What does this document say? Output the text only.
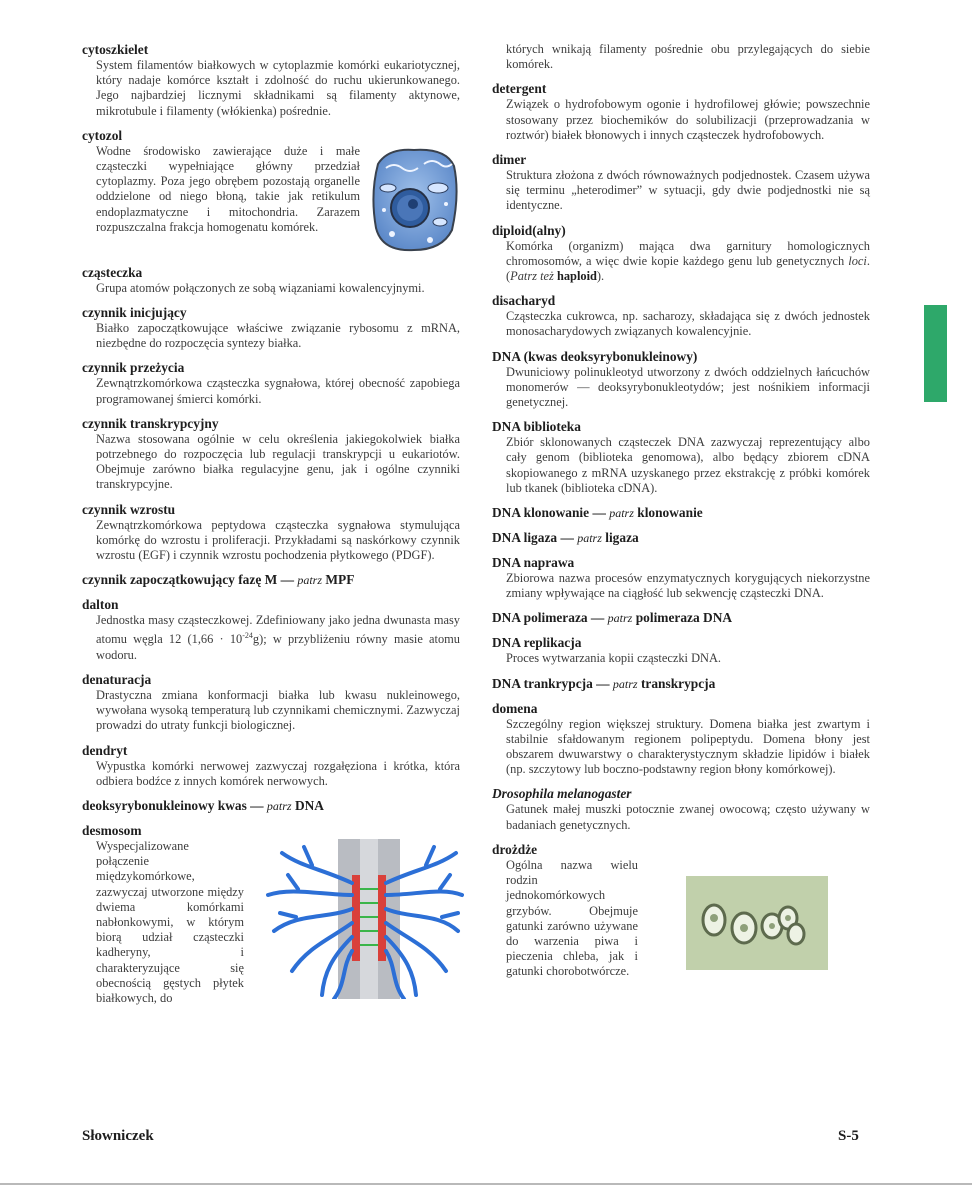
cytoszkielet
System filamentów białkowych w cytoplazmie komórki eukariotycznej, który nadaje komórce kształt i zdolność do ruchu ukierunkowanego. Jego najbardziej licznymi składnikami są filamenty aktynowe, mikrotubule i filamenty (włókienka) pośrednie.
cytozol
Wodne środowisko zawierające duże i małe cząsteczki wypełniające główny przedział cytoplazmy. Poza jego obrębem pozostają organelle oddzielone od niego błoną, takie jak retikulum endoplazmatyczne i mitochondria. Zarazem rozpuszczalna frakcja homogenatu komórek.
cząsteczka
Grupa atomów połączonych ze sobą wiązaniami kowalencyjnymi.
czynnik inicjujący
Białko zapoczątkowujące właściwe związanie rybosomu z mRNA, niezbędne do rozpoczęcia syntezy białka.
czynnik przeżycia
Zewnątrzkomórkowa cząsteczka sygnałowa, której obecność zapobiega programowanej śmierci komórki.
czynnik transkrypcyjny
Nazwa stosowana ogólnie w celu określenia jakiegokolwiek białka potrzebnego do rozpoczęcia lub regulacji transkrypcji u eukariotów. Obejmuje zarówno białka regulacyjne genu, jak i ogólne czynniki transkrypcyjne.
czynnik wzrostu
Zewnątrzkomórkowa peptydowa cząsteczka sygnałowa stymulująca komórkę do wzrostu i proliferacji. Przykładami są naskórkowy czynnik wzrostu (EGF) i czynnik wzrostu pochodzenia płytkowego (PDGF).
czynnik zapoczątkowujący fazę M — patrz MPF
dalton
Jednostka masy cząsteczkowej. Zdefiniowany jako jedna dwunasta masy atomu węgla 12 $(1,66 \cdot 10^{-24}g)$; w przybliżeniu równy masie atomu wodoru.
denaturacja
Drastyczna zmiana konformacji białka lub kwasu nukleinowego, wywołana wysoką temperaturą lub czynnikami chemicznymi. Zazwyczaj prowadzi do utraty funkcji biologicznej.
dendryt
Wypustka komórki nerwowej zazwyczaj rozgałęziona i krótka, która odbiera bodźce z innych komórek nerwowych.
deoksyrybonukleinowy kwas — patrz DNA
desmosom
Wyspecjalizowane połączenie międzykomórkowe, zazwyczaj utworzone między dwiema komórkami nabłonkowymi, w którym biorą udział cząsteczki kadheryny, i charakteryzujące się obecnością gęstych płytek białkowych, do
których wnikają filamenty pośrednie obu przylegających do siebie komórek.
detergent
Związek o hydrofobowym ogonie i hydrofilowej główie; powszechnie stosowany przez biochemików do solubilizacji (przeprowadzania w roztwór) białek błonowych i innych cząsteczek hydrofobowych.
dimer
Struktura złożona z dwóch równoważnych podjednostek. Czasem używa się terminu „heterodimer” w sytuacji, gdy dwie podjednostki nie są identyczne.
diploid(alny)
Komórka (organizm) mająca dwa garnitury homologicznych chromosomów, a więc dwie kopie każdego genu lub genetycznych loci. (Patrz też haploid).
disacharyd
Cząsteczka cukrowca, np. sacharozy, składająca się z dwóch jednostek monosacharydowych związanych kowalencyjnie.
DNA (kwas deoksyrybonukleinowy)
Dwuniciowy polinukleotyd utworzony z dwóch oddzielnych łańcuchów monomerów — deoksyrybonukleotydów; jest nośnikiem informacji genetycznej.
DNA biblioteka
Zbiór sklonowanych cząsteczek DNA zazwyczaj reprezentujący albo cały genom (biblioteka genomowa), albo będący zbiorem cDNA skopiowanego z mRNA uzyskanego przez ekstrakcję z próbki komórek lub tkanek (biblioteka cDNA).
DNA klonowanie — patrz klonowanie
DNA ligaza — patrz ligaza
DNA naprawa
Zbiorowa nazwa procesów enzymatycznych korygujących niekorzystne zmiany wpływające na ciągłość lub sekwencję cząsteczki DNA.
DNA polimeraza — patrz polimeraza DNA
DNA replikacja
Proces wytwarzania kopii cząsteczki DNA.
DNA trankrypcja — patrz transkrypcja
domena
Szczególny region większej struktury. Domena białka jest zwartym i stabilnie sfałdowanym regionem polipeptydu. Domena błony jest obszarem dwuwarstwy o charakterystycznym składzie lipidów i białek (np. szczytowy lub boczno-podstawny region błony komórkowej).
Drosophila melanogaster
Gatunek małej muszki potocznie zwanej owocową; często używany w badaniach genetycznych.
drożdże
Ogólna nazwa wielu rodzin jednokomórkowych grzybów. Obejmuje gatunki zarówno używane do warzenia piwa i pieczenia chleba, jak i gatunki chorobotwórcze.
Słowniczek	S-5
